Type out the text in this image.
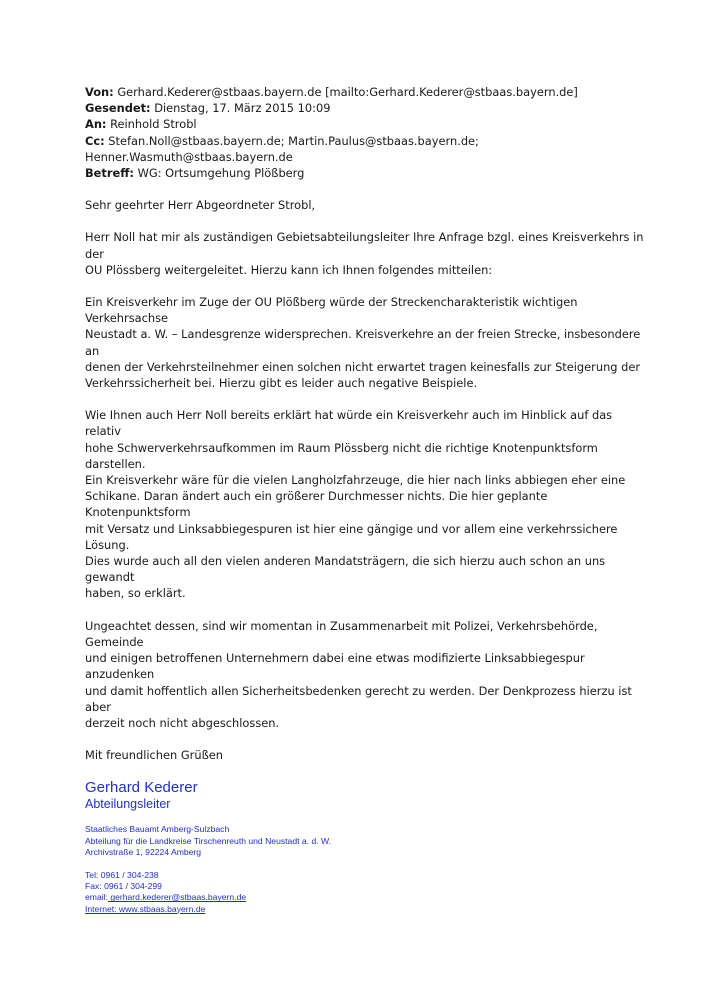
Von: Gerhard.Kederer@stbaas.bayern.de [mailto:Gerhard.Kederer@stbaas.bayern.de]
Gesendet: Dienstag, 17. März 2015 10:09
An: Reinhold Strobl
Cc: Stefan.Noll@stbaas.bayern.de; Martin.Paulus@stbaas.bayern.de;
Henner.Wasmuth@stbaas.bayern.de
Betreff: WG: Ortsumgehung Plößberg
Sehr geehrter Herr Abgeordneter Strobl,
Herr Noll hat mir als zuständigen Gebietsabteilungsleiter Ihre Anfrage bzgl. eines Kreisverkehrs in der
OU Plössberg weitergeleitet. Hierzu kann ich Ihnen folgendes mitteilen:
Ein Kreisverkehr im Zuge der OU Plößberg würde der Streckencharakteristik wichtigen Verkehrsachse
Neustadt a. W. – Landesgrenze widersprechen. Kreisverkehre an der freien Strecke, insbesondere an
denen der Verkehrsteilnehmer einen solchen nicht erwartet tragen keinesfalls zur Steigerung der
Verkehrssicherheit bei. Hierzu gibt es leider auch negative Beispiele.
Wie Ihnen auch Herr Noll bereits erklärt hat würde ein Kreisverkehr auch im Hinblick auf das relativ
hohe Schwerverkehrsaufkommen im Raum Plössberg nicht die richtige Knotenpunktsform darstellen.
Ein Kreisverkehr wäre für die vielen Langholzfahrzeuge, die hier nach links abbiegen eher eine
Schikane. Daran ändert auch ein größerer Durchmesser nichts. Die hier geplante Knotenpunktsform
mit Versatz und Linksabbiegespuren ist hier eine gängige und vor allem eine verkehrssichere Lösung.
Dies wurde auch all den vielen anderen Mandatsträgern, die sich hierzu auch schon an uns gewandt
haben, so erklärt.
Ungeachtet dessen, sind wir momentan in Zusammenarbeit mit Polizei, Verkehrsbehörde, Gemeinde
und einigen betroffenen Unternehmern dabei eine etwas modifizierte Linksabbiegespur anzudenken
und damit hoffentlich allen Sicherheitsbedenken gerecht zu werden. Der Denkprozess hierzu ist aber
derzeit noch nicht abgeschlossen.
Mit freundlichen Grüßen
Gerhard Kederer
Abteilungsleiter
Staatliches Bauamt Amberg-Sulzbach
Abteilung für die Landkreise Tirschenreuth und Neustadt a. d. W.
Archivstraße 1, 92224 Amberg
Tel: 0961 / 304-238
Fax: 0961 / 304-299
email: gerhard.kederer@stbaas.bayern.de
Internet: www.stbaas.bayern.de
